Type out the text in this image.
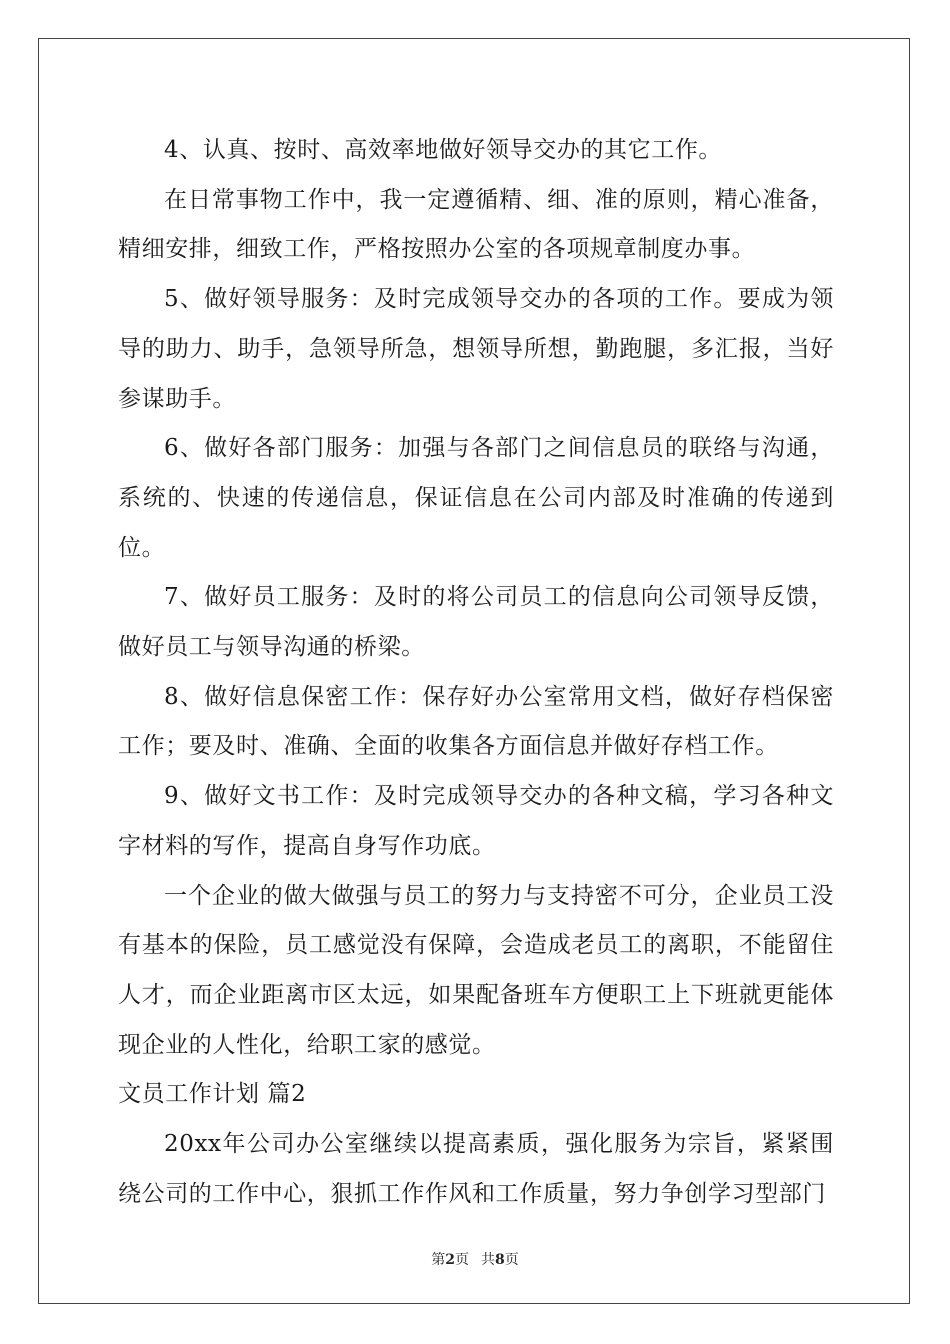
4、认真、按时、高效率地做好领导交办的其它工作。

在日常事物工作中，我一定遵循精、细、准的原则，精心准备，精细安排，细致工作，严格按照办公室的各项规章制度办事。

5、做好领导服务：及时完成领导交办的各项的工作。要成为领导的助力、助手，急领导所急，想领导所想，勤跑腿，多汇报，当好参谋助手。

6、做好各部门服务：加强与各部门之间信息员的联络与沟通，系统的、快速的传递信息，保证信息在公司内部及时准确的传递到位。

7、做好员工服务：及时的将公司员工的信息向公司领导反馈，做好员工与领导沟通的桥梁。

8、做好信息保密工作：保存好办公室常用文档，做好存档保密工作；要及时、准确、全面的收集各方面信息并做好存档工作。

9、做好文书工作：及时完成领导交办的各种文稿，学习各种文字材料的写作，提高自身写作功底。

一个企业的做大做强与员工的努力与支持密不可分，企业员工没有基本的保险，员工感觉没有保障，会造成老员工的离职，不能留住人才，而企业距离市区太远，如果配备班车方便职工上下班就更能体现企业的人性化，给职工家的感觉。

文员工作计划 篇2

20xx年公司办公室继续以提高素质，强化服务为宗旨，紧紧围绕公司的工作中心，狠抓工作作风和工作质量，努力争创学习型部门

第2页 共8页
